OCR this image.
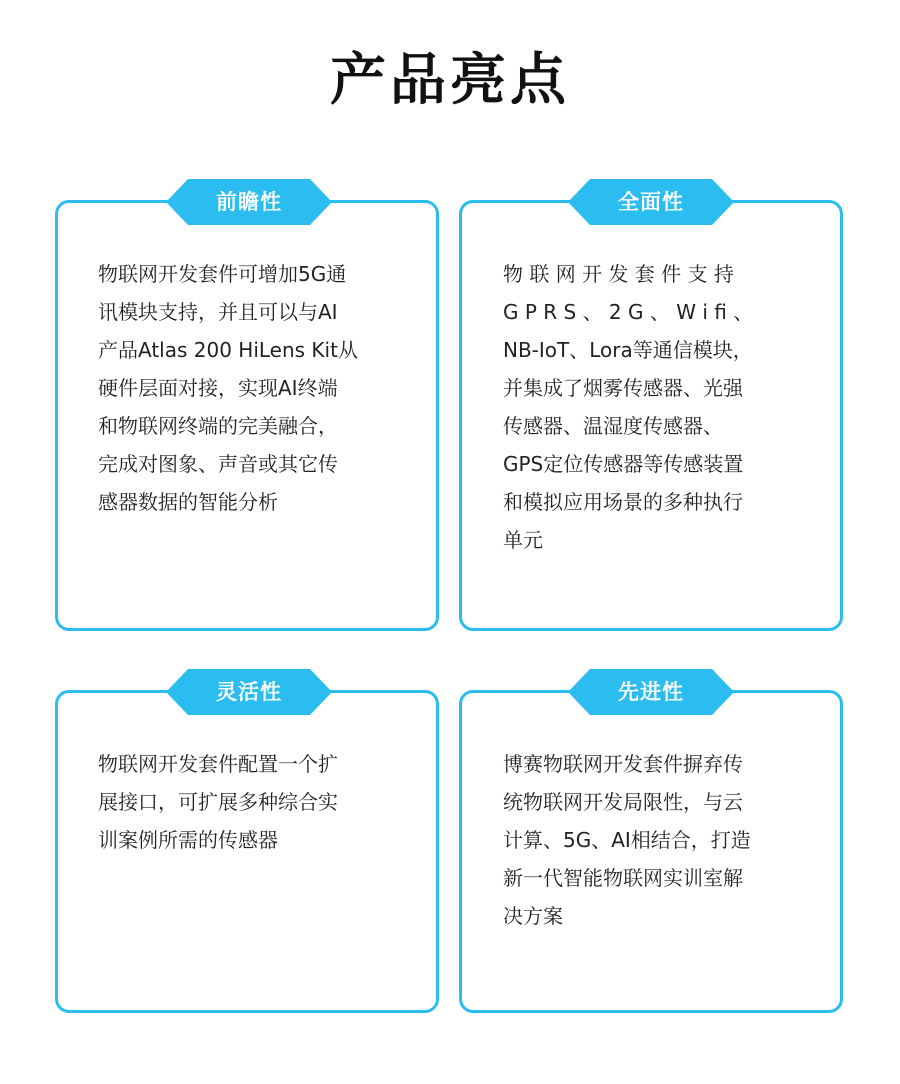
产品亮点
前瞻性
物联网开发套件可增加5G通
讯模块支持，并且可以与AI
产品Atlas 200 HiLens Kit从
硬件层面对接，实现AI终端
和物联网终端的完美融合，
完成对图象、声音或其它传
感器数据的智能分析
全面性
物 联 网 开 发 套 件 支 持
G P R S 、 2 G 、 W i fi 、
NB-IoT、Lora等通信模块，
并集成了烟雾传感器、光强
传感器、温湿度传感器、
GPS定位传感器等传感装置
和模拟应用场景的多种执行
单元
灵活性
物联网开发套件配置一个扩
展接口，可扩展多种综合实
训案例所需的传感器
先进性
博赛物联网开发套件摒弃传
统物联网开发局限性，与云
计算、5G、AI相结合，打造
新一代智能物联网实训室解
决方案
